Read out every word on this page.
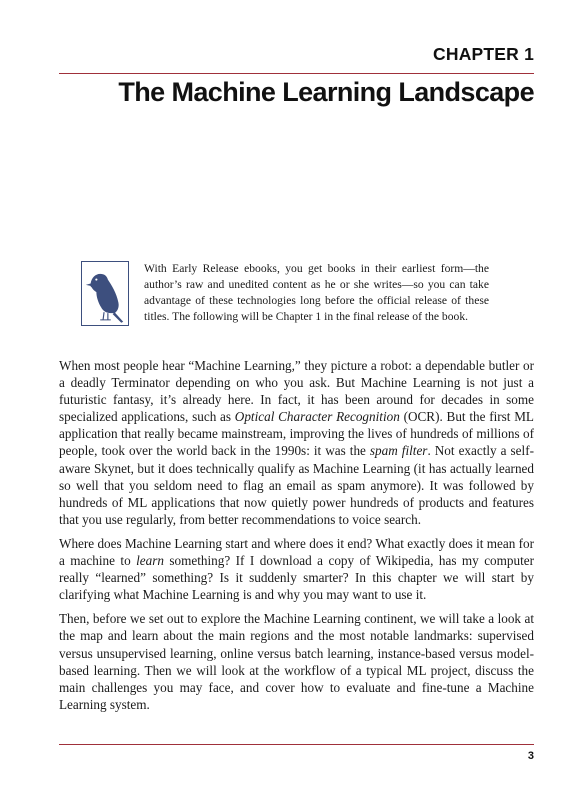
CHAPTER 1
The Machine Learning Landscape
With Early Release ebooks, you get books in their earliest form—the author’s raw and unedited content as he or she writes—so you can take advantage of these technologies long before the official release of these titles. The following will be Chapter 1 in the final release of the book.

When most people hear “Machine Learning,” they picture a robot: a dependable butler or a deadly Terminator depending on who you ask. But Machine Learning is not just a futuristic fantasy, it’s already here. In fact, it has been around for decades in some specialized applications, such as Optical Character Recognition (OCR). But the first ML application that really became mainstream, improving the lives of hundreds of millions of people, took over the world back in the 1990s: it was the spam filter. Not exactly a self-aware Skynet, but it does technically qualify as Machine Learning (it has actually learned so well that you seldom need to flag an email as spam anymore). It was followed by hundreds of ML applications that now quietly power hundreds of products and features that you use regularly, from better recommendations to voice search.

Where does Machine Learning start and where does it end? What exactly does it mean for a machine to learn something? If I download a copy of Wikipedia, has my computer really “learned” something? Is it suddenly smarter? In this chapter we will start by clarifying what Machine Learning is and why you may want to use it.

Then, before we set out to explore the Machine Learning continent, we will take a look at the map and learn about the main regions and the most notable landmarks: supervised versus unsupervised learning, online versus batch learning, instance-based versus model-based learning. Then we will look at the workflow of a typical ML project, discuss the main challenges you may face, and cover how to evaluate and fine-tune a Machine Learning system.

3
